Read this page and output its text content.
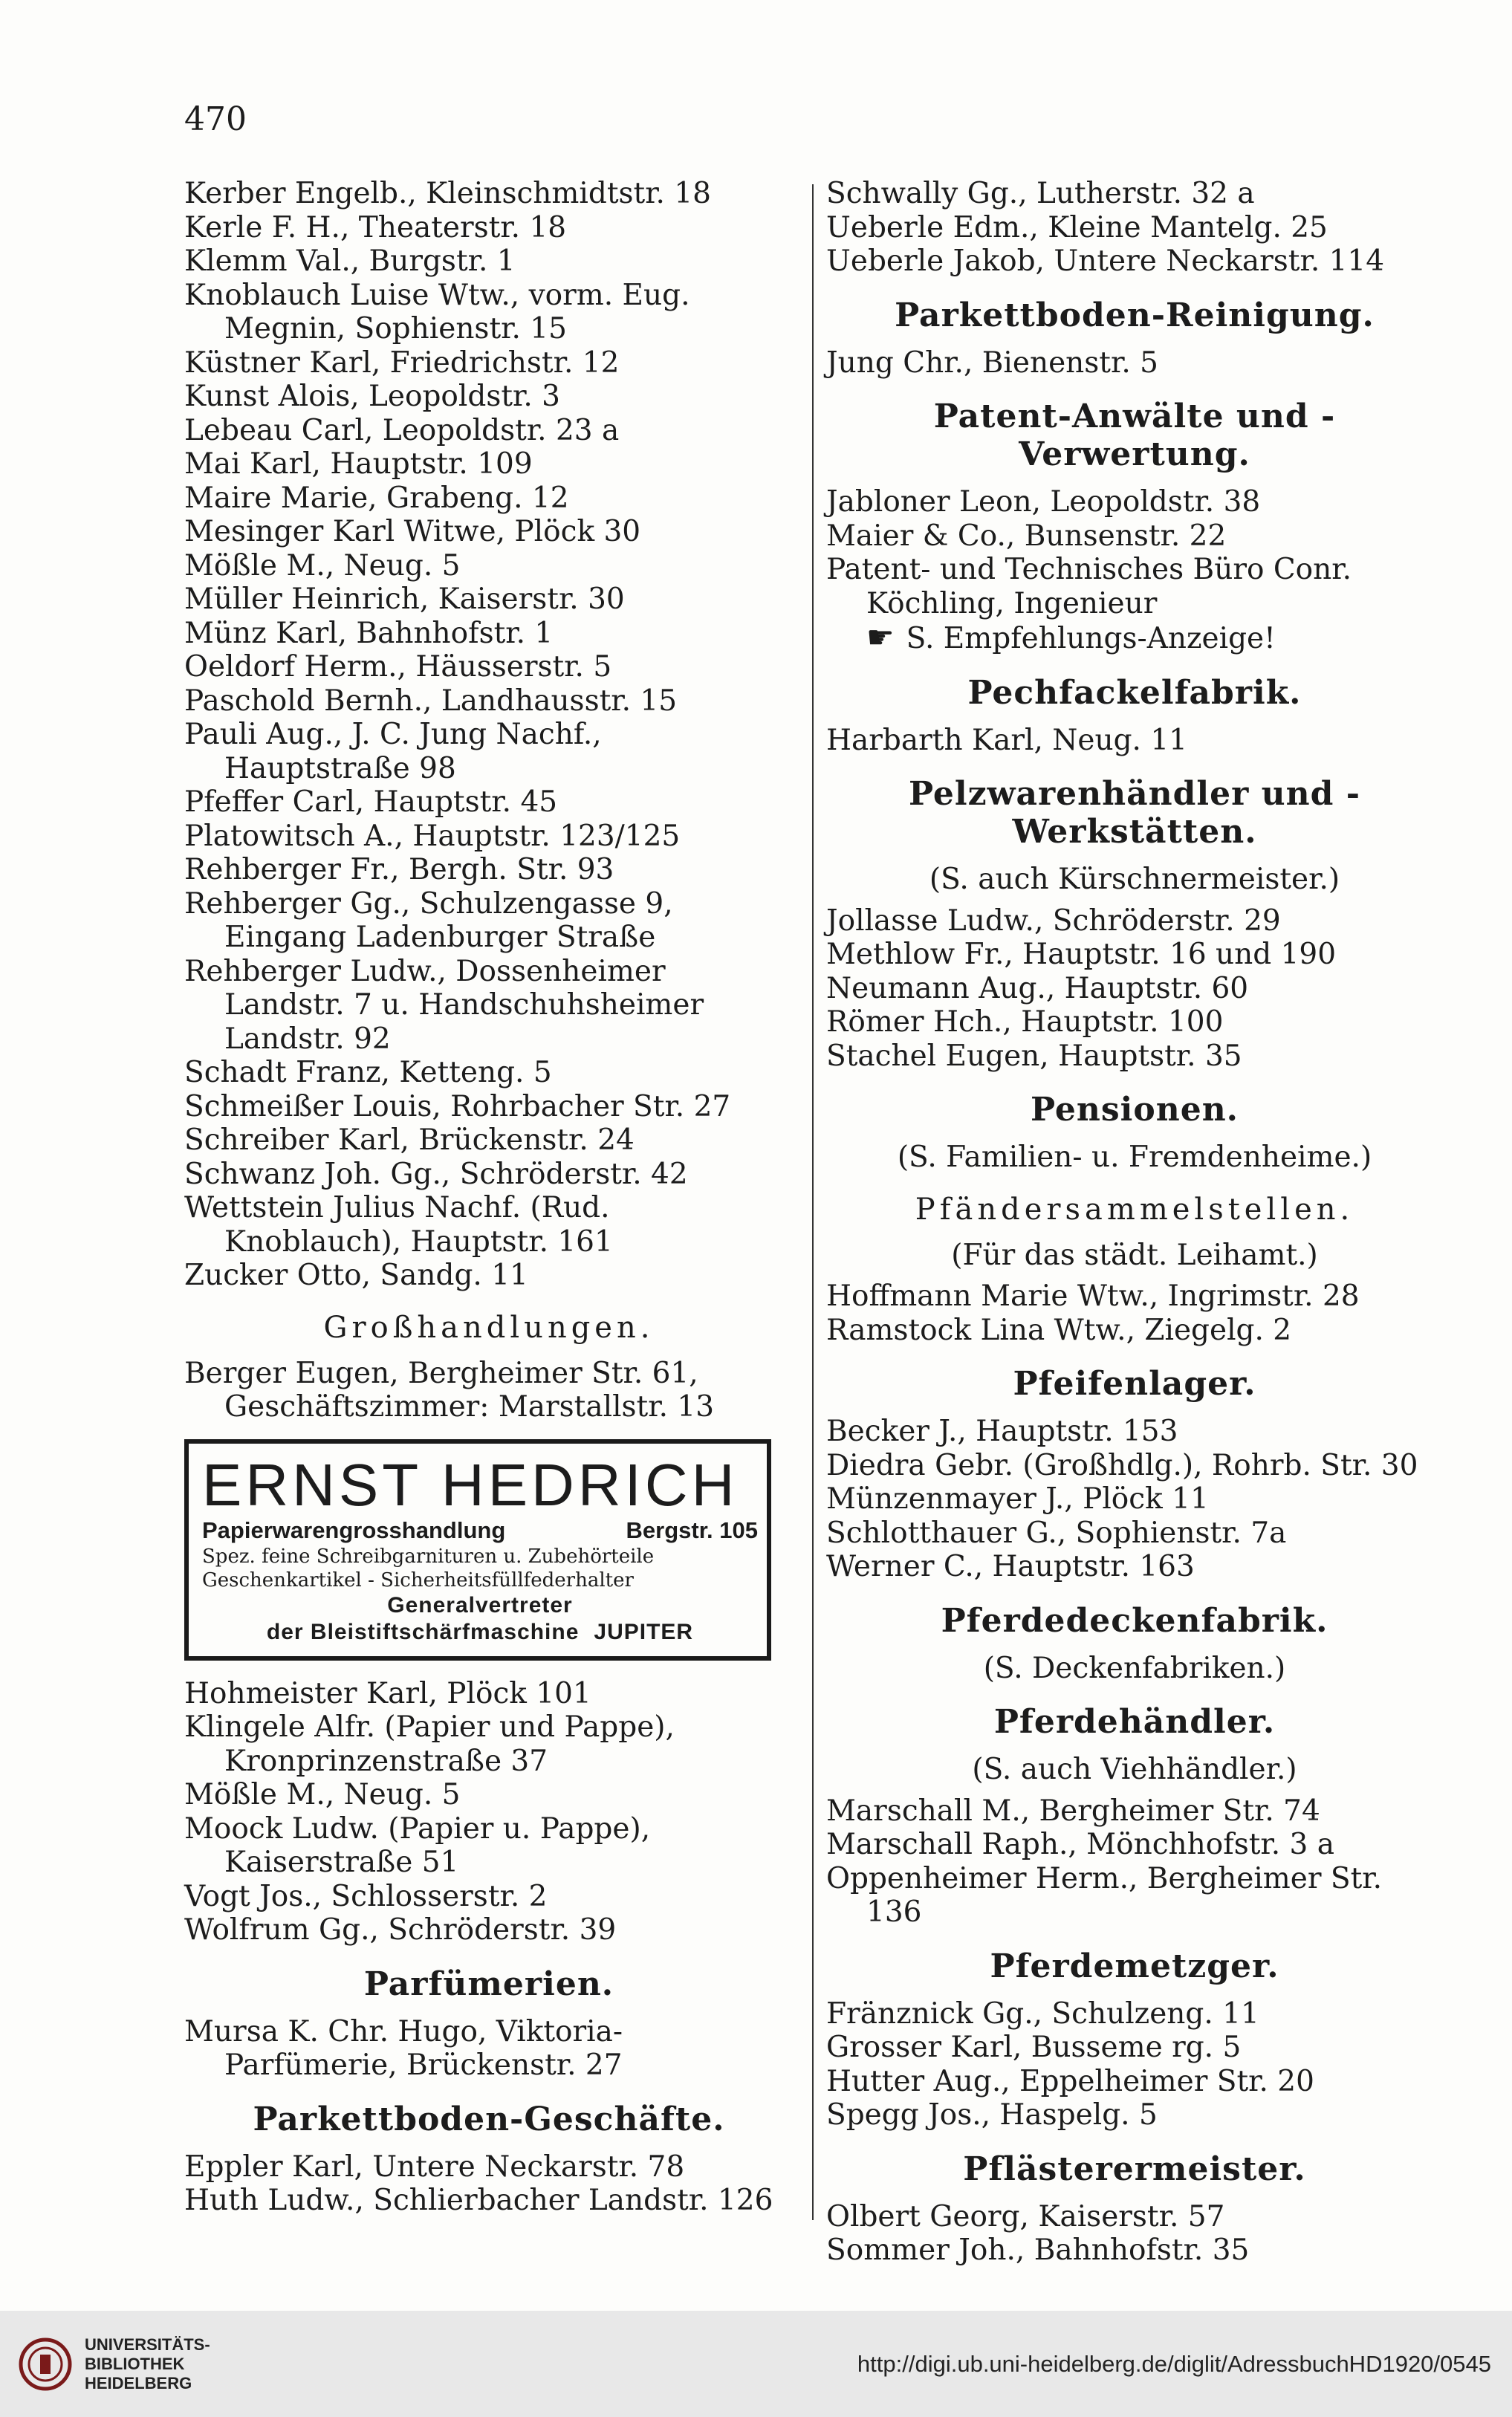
470

Kerber Engelb., Kleinschmidtstr. 18

Kerle F. H., Theaterstr. 18

Klemm Val., Burgstr. 1

Knoblauch Luise Wtw., vorm. Eug. Megnin, Sophienstr. 15

Küstner Karl, Friedrichstr. 12

Kunst Alois, Leopoldstr. 3

Lebeau Carl, Leopoldstr. 23 a

Mai Karl, Hauptstr. 109

Maire Marie, Grabeng. 12

Mesinger Karl Witwe, Plöck 30

Mößle M., Neug. 5

Müller Heinrich, Kaiserstr. 30

Münz Karl, Bahnhofstr. 1

Oeldorf Herm., Häusserstr. 5

Paschold Bernh., Landhausstr. 15

Pauli Aug., J. C. Jung Nachf., Hauptstraße 98

Pfeffer Carl, Hauptstr. 45

Platowitsch A., Hauptstr. 123/125

Rehberger Fr., Bergh. Str. 93

Rehberger Gg., Schulzengasse 9, Eingang Ladenburger Straße

Rehberger Ludw., Dossenheimer Landstr. 7 u. Handschuhsheimer Landstr. 92

Schadt Franz, Ketteng. 5

Schmeißer Louis, Rohrbacher Str. 27

Schreiber Karl, Brückenstr. 24

Schwanz Joh. Gg., Schröderstr. 42

Wettstein Julius Nachf. (Rud. Knoblauch), Hauptstr. 161

Zucker Otto, Sandg. 11

Großhandlungen.

Berger Eugen, Bergheimer Str. 61, Geschäftszimmer: Marstallstr. 13

ERNST HEDRICH
Papierwarengrosshandlung	Bergstr. 105
Spez. feine Schreibgarnituren u. Zubehörteile
Geschenkartikel - Sicherheitsfüllfederhalter
Generalvertreter
der Bleistiftschärfmaschine JUPITER

Hohmeister Karl, Plöck 101

Klingele Alfr. (Papier und Pappe), Kronprinzenstraße 37

Mößle M., Neug. 5

Moock Ludw. (Papier u. Pappe), Kaiserstraße 51

Vogt Jos., Schlosserstr. 2

Wolfrum Gg., Schröderstr. 39

Parfümerien.

Mursa K. Chr. Hugo, Viktoria-Parfümerie, Brückenstr. 27

Parkettboden-Geschäfte.

Eppler Karl, Untere Neckarstr. 78

Huth Ludw., Schlierbacher Landstr. 126

Schwally Gg., Lutherstr. 32 a

Ueberle Edm., Kleine Mantelg. 25

Ueberle Jakob, Untere Neckarstr. 114

Parkettboden-Reinigung.

Jung Chr., Bienenstr. 5

Patent-Anwälte und -Verwertung.

Jabloner Leon, Leopoldstr. 38

Maier & Co., Bunsenstr. 22

Patent- und Technisches Büro Conr. Köchling, Ingenieur

☛ S. Empfehlungs-Anzeige!

Pechfackelfabrik.

Harbarth Karl, Neug. 11

Pelzwarenhändler und -Werkstätten.
(S. auch Kürschnermeister.)

Jollasse Ludw., Schröderstr. 29

Methlow Fr., Hauptstr. 16 und 190

Neumann Aug., Hauptstr. 60

Römer Hch., Hauptstr. 100

Stachel Eugen, Hauptstr. 35

Pensionen.
(S. Familien- u. Fremdenheime.)
Pfändersammelstellen.
(Für das städt. Leihamt.)

Hoffmann Marie Wtw., Ingrimstr. 28

Ramstock Lina Wtw., Ziegelg. 2

Pfeifenlager.

Becker J., Hauptstr. 153

Diedra Gebr. (Großhdlg.), Rohrb. Str. 30

Münzenmayer J., Plöck 11

Schlotthauer G., Sophienstr. 7a

Werner C., Hauptstr. 163

Pferdedeckenfabrik.
(S. Deckenfabriken.)
Pferdehändler.
(S. auch Viehhändler.)

Marschall M., Bergheimer Str. 74

Marschall Raph., Mönchhofstr. 3 a

Oppenheimer Herm., Bergheimer Str. 136

Pferdemetzger.

Fränznick Gg., Schulzeng. 11

Grosser Karl, Busseme rg. 5

Hutter Aug., Eppelheimer Str. 20

Spegg Jos., Haspelg. 5

Pflästerermeister.

Olbert Georg, Kaiserstr. 57

Sommer Joh., Bahnhofstr. 35

UNIVERSITÄTS-
BIBLIOTHEK
HEIDELBERG
http://digi.ub.uni-heidelberg.de/diglit/AdressbuchHD1920/0545
